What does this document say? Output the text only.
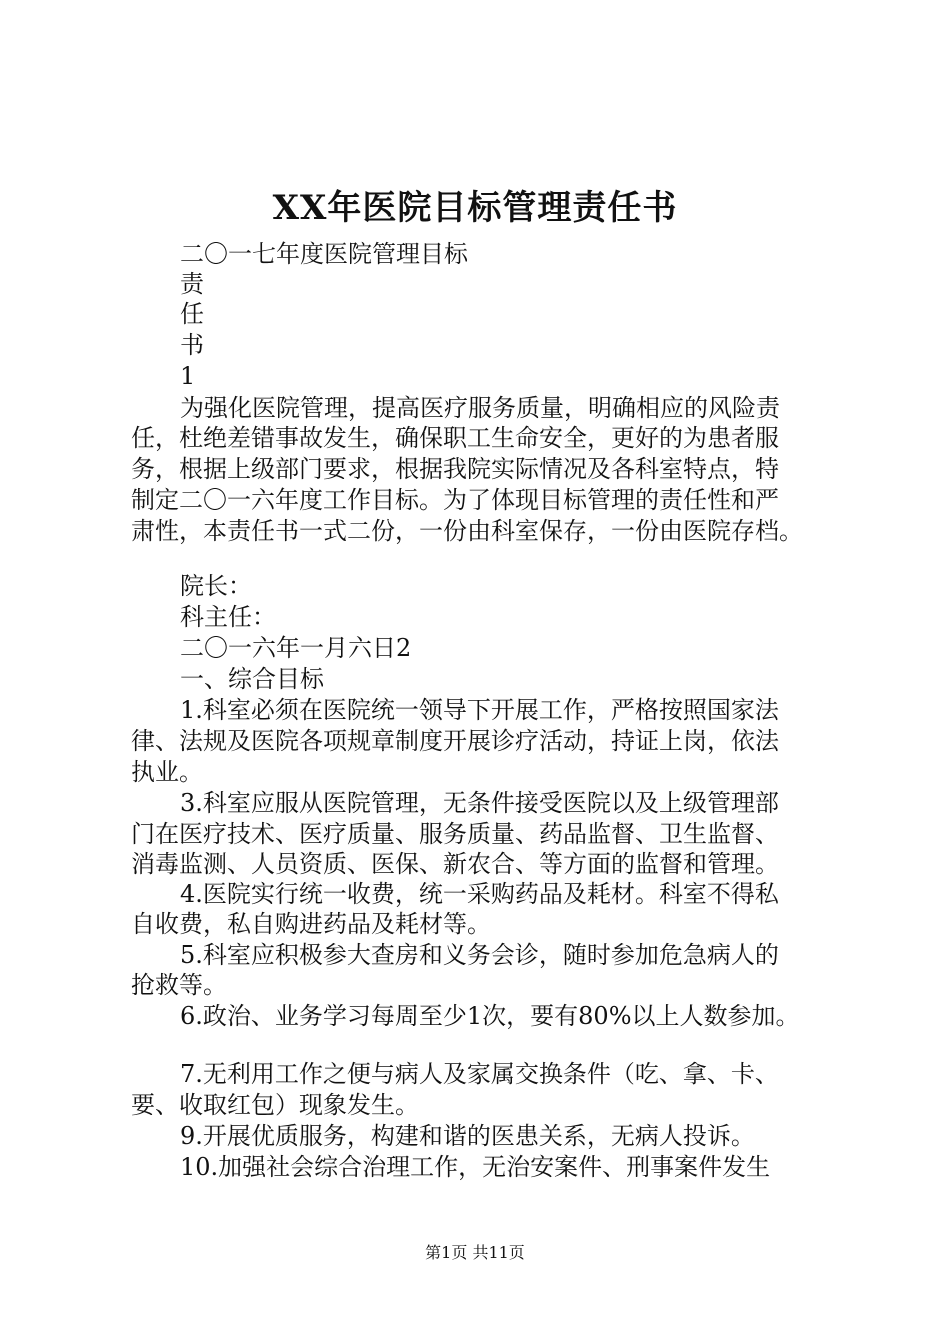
XX年医院目标管理责任书
二〇一七年度医院管理目标
责
任
书
1
为强化医院管理，提高医疗服务质量，明确相应的风险责
任，杜绝差错事故发生，确保职工生命安全，更好的为患者服
务，根据上级部门要求，根据我院实际情况及各科室特点，特
制定二〇一六年度工作目标。为了体现目标管理的责任性和严
肃性，本责任书一式二份，一份由科室保存，一份由医院存档。
院长：
科主任：
二〇一六年一月六日2
一、综合目标
1.科室必须在医院统一领导下开展工作，严格按照国家法
律、法规及医院各项规章制度开展诊疗活动，持证上岗，依法
执业。
3.科室应服从医院管理，无条件接受医院以及上级管理部
门在医疗技术、医疗质量、服务质量、药品监督、卫生监督、
消毒监测、人员资质、医保、新农合、等方面的监督和管理。
4.医院实行统一收费，统一采购药品及耗材。科室不得私
自收费，私自购进药品及耗材等。
5.科室应积极参大查房和义务会诊，随时参加危急病人的
抢救等。
6.政治、业务学习每周至少1次，要有80%以上人数参加。
7.无利用工作之便与病人及家属交换条件（吃、拿、卡、
要、收取红包）现象发生。
9.开展优质服务，构建和谐的医患关系，无病人投诉。
10.加强社会综合治理工作，无治安案件、刑事案件发生
第1页 共11页
